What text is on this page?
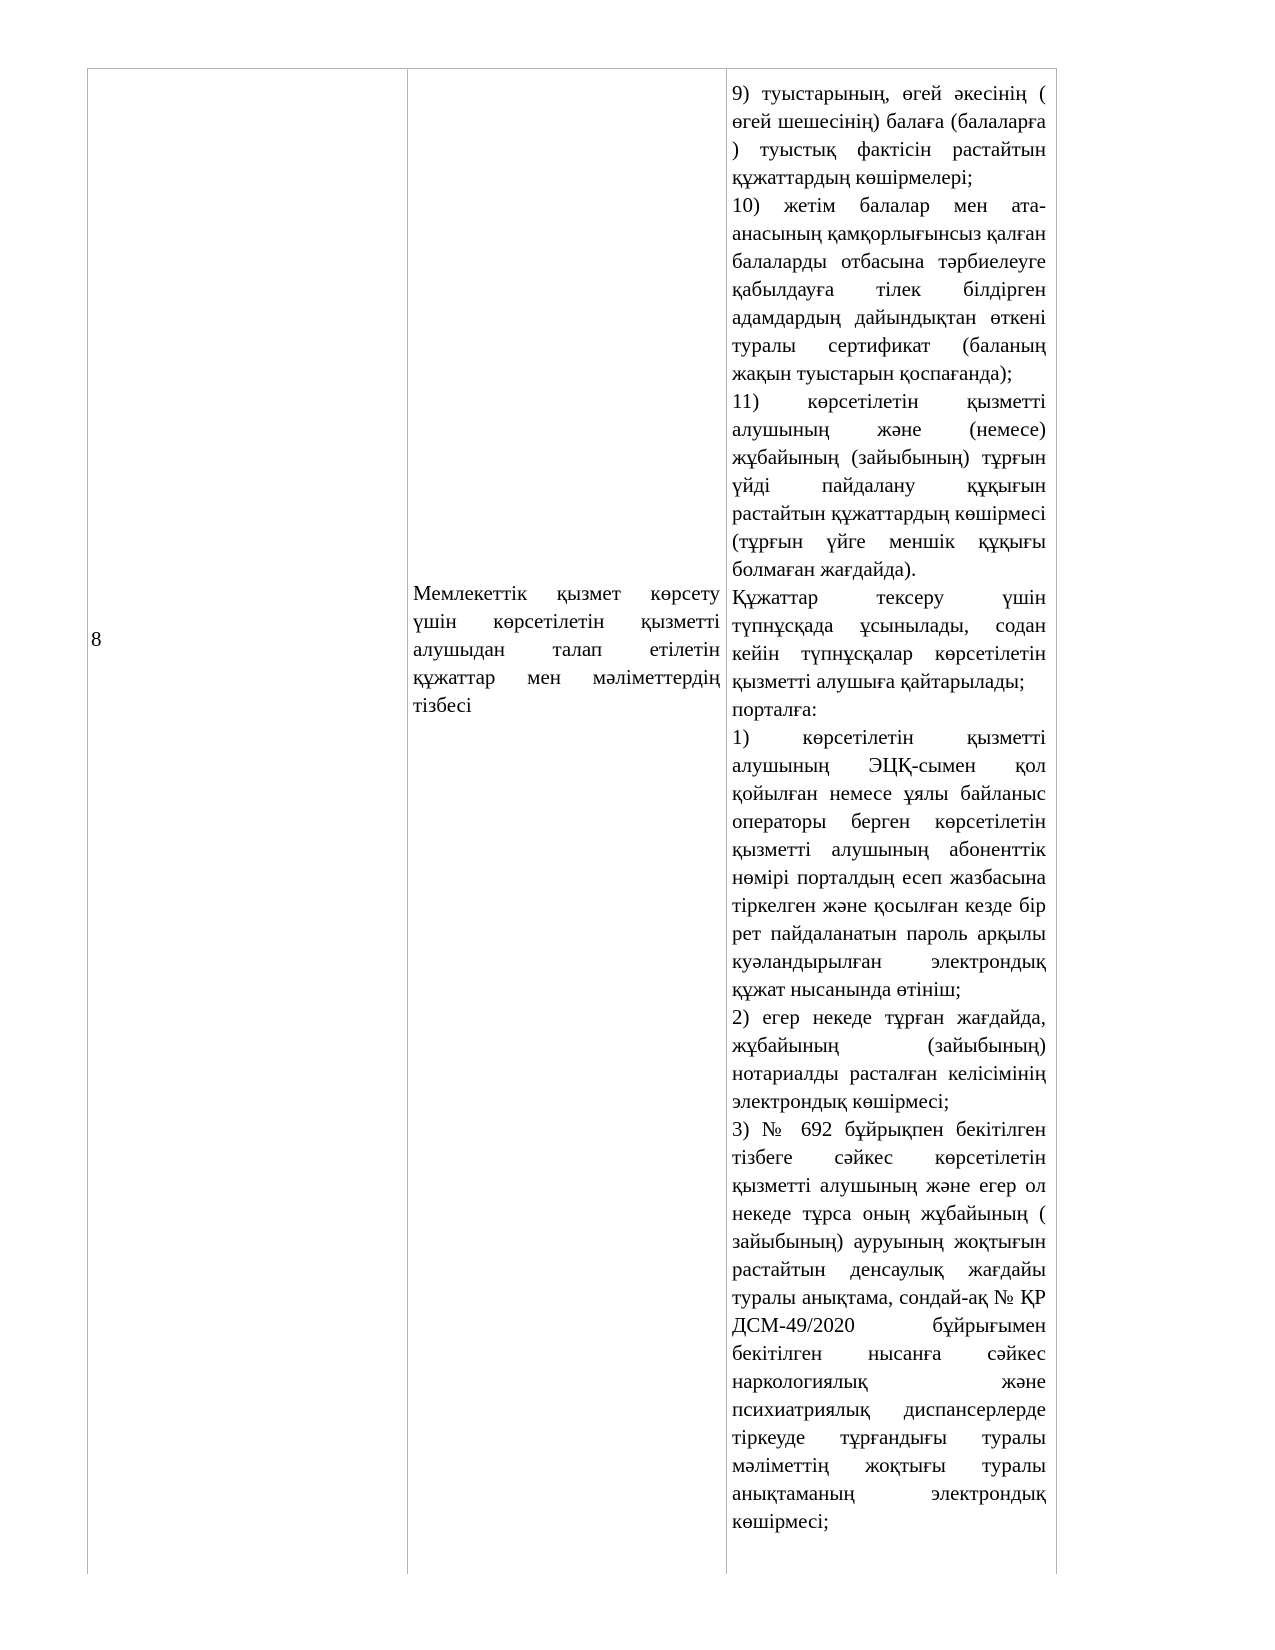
8
Мемлекеттік қызмет көрсету үшін көрсетілетін қызметті алушыдан талап етілетін құжаттар мен мәліметтердің тізбесі

9) туыстарының, өгей әкесінің ( өгей шешесінің) балаға (балаларға ) туыстық фактісін растайтын құжаттардың көшірмелері;

10) жетім балалар мен ата-анасының қамқорлығынсыз қалған балаларды отбасына тәрбиелеуге қабылдауға тілек білдірген адамдардың дайындықтан өткені туралы сертификат (баланың жақын туыстарын қоспағанда);

11) көрсетілетін қызметті алушының және (немесе) жұбайының (зайыбының) тұрғын үйді пайдалану құқығын растайтын құжаттардың көшірмесі (тұрғын үйге меншік құқығы болмаған жағдайда).

Құжаттар тексеру үшін түпнұсқада ұсынылады, содан кейін түпнұсқалар көрсетілетін қызметті алушыға қайтарылады;

порталға:

1) көрсетілетін қызметті алушының ЭЦҚ-сымен қол қойылған немесе ұялы байланыс операторы берген көрсетілетін қызметті алушының абоненттік нөмірі порталдың есеп жазбасына тіркелген және қосылған кезде бір рет пайдаланатын пароль арқылы куәландырылған электрондық құжат нысанында өтініш;

2) егер некеде тұрған жағдайда, жұбайының (зайыбының) нотариалды расталған келісімінің электрондық көшірмесі;

3) № 692 бұйрықпен бекітілген тізбеге сәйкес көрсетілетін қызметті алушының және егер ол некеде тұрса оның жұбайының ( зайыбының) ауруының жоқтығын растайтын денсаулық жағдайы туралы анықтама, сондай-ақ № ҚР ДСМ-49/2020 бұйрығымен бекітілген нысанға сәйкес наркологиялық және психиатриялық диспансерлерде тіркеуде тұрғандығы туралы мәліметтің жоқтығы туралы анықтаманың электрондық көшірмесі;
